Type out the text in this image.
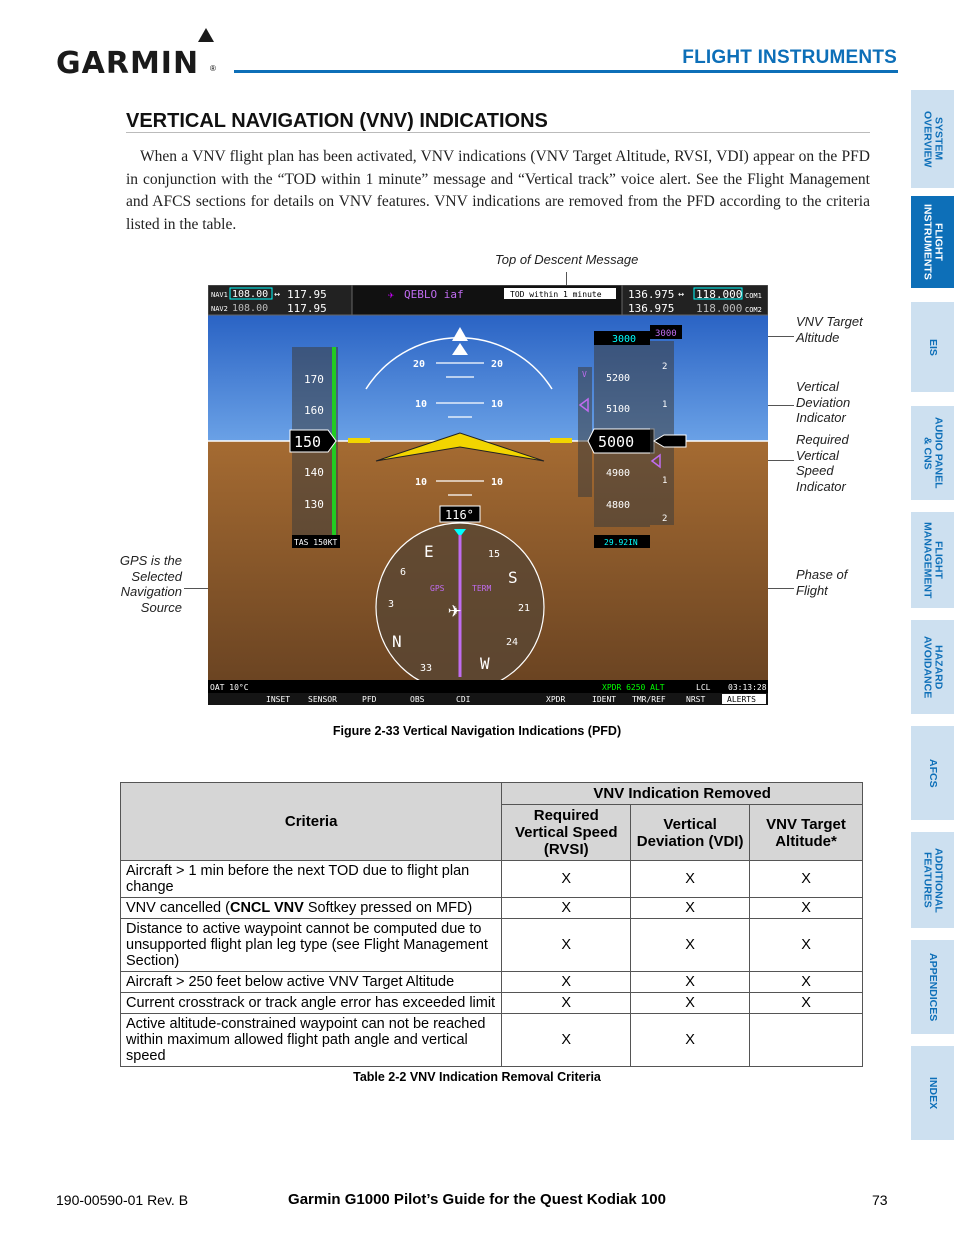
GARMIN ®
FLIGHT INSTRUMENTS
VERTICAL NAVIGATION (VNV) INDICATIONS
When a VNV flight plan has been activated, VNV indications (VNV Target Altitude, RVSI, VDI) appear on the PFD in conjunction with the “TOD within 1 minute” message and “Vertical track” voice alert. See the Flight Management and AFCS sections for details on VNV features. VNV indications are removed from the PFD according to the criteria listed in the table.
SYSTEM
OVERVIEW
FLIGHT
INSTRUMENTS
EIS
AUDIO PANEL
& CNS
FLIGHT
MANAGEMENT
HAZARD
AVOIDANCE
AFCS
ADDITIONAL
FEATURES
APPENDICES
INDEX
Top of Descent Message
VNV Target
Altitude
Vertical
Deviation
Indicator
Required
Vertical
Speed
Indicator
Phase of
Flight
GPS is the
Selected
Navigation
Source
NAV1 108.00 ↔ 117.95
NAV2 108.00 117.95
✈ QEBLO iaf	TOD within 1 minute 136.975 ↔ 118.000 COM1
136.975 118.000 COM2
20	20
10	10
10	10
170
160
140
130
150
TAS 150KT
V
3000
5200
5100
4900
4800
5000
29.92IN
3000
2
1
1
2
116°
GPS	TERM
✈
N
3
33	W
24
21
S
15
E
6
OAT 10°C	XPDR 6250 ALT	LCL 03:13:28
INSET SENSOR	PFD	OBS	CDI	XPDR	IDENT TMR/REF	NRST	ALERTS
Figure 2-33 Vertical Navigation Indications (PFD)
Criteria	VNV Indication Removed		
	Required Vertical Speed (RVSI)	Vertical Deviation (VDI)	VNV Target Altitude*
Aircraft > 1 min before the next TOD due to flight plan change	X	X	X
VNV cancelled (CNCL VNV Softkey pressed on MFD)	X	X	X
Distance to active waypoint cannot be computed due to unsupported flight plan leg type (see Flight Management Section)	X	X	X
Aircraft > 250 feet below active VNV Target Altitude	X	X	X
Current crosstrack or track angle error has exceeded limit	X	X	X
Active altitude-constrained waypoint can not be reached within maximum allowed flight path angle and vertical speed	X	X	
Table 2-2 VNV Indication Removal Criteria
190-00590-01 Rev. B	Garmin G1000 Pilot’s Guide for the Quest Kodiak 100	73
